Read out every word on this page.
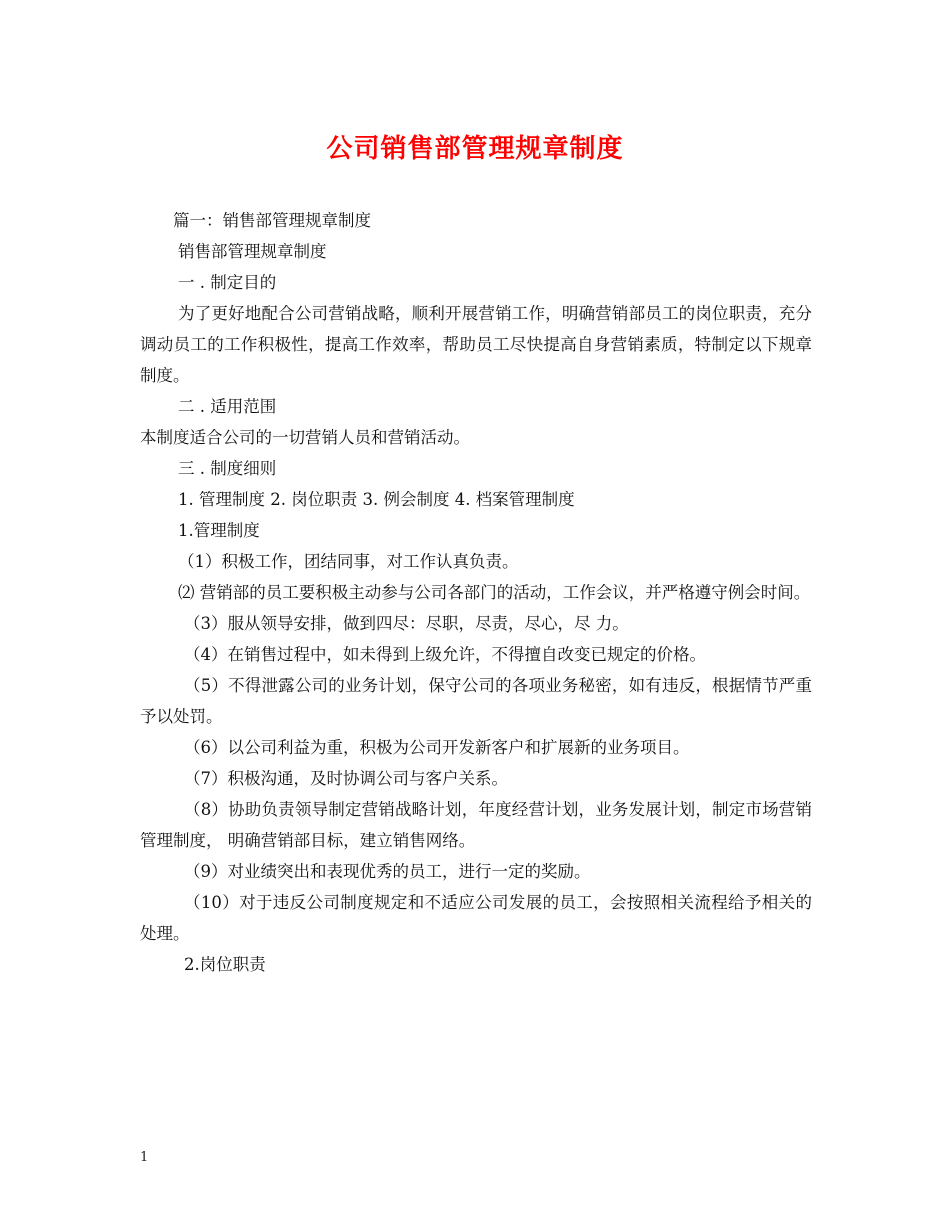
公司销售部管理规章制度

篇一：销售部管理规章制度

销售部管理规章制度

一 . 制定目的

为了更好地配合公司营销战略，顺利开展营销工作，明确营销部员工的岗位职责，充分调动员工的工作积极性，提高工作效率，帮助员工尽快提高自身营销素质，特制定以下规章制度。

二 . 适用范围

本制度适合公司的一切营销人员和营销活动。

三 . 制度细则

1. 管理制度 2. 岗位职责 3. 例会制度 4. 档案管理制度

1.管理制度

（1）积极工作，团结同事，对工作认真负责。

⑵ 营销部的员工要积极主动参与公司各部门的活动，工作会议，并严格遵守例会时间。

（3）服从领导安排，做到四尽：尽职，尽责，尽心，尽 力。

（4）在销售过程中，如未得到上级允许，不得擅自改变已规定的价格。

（5）不得泄露公司的业务计划，保守公司的各项业务秘密，如有违反，根据情节严重予以处罚。

（6）以公司利益为重，积极为公司开发新客户和扩展新的业务项目。

（7）积极沟通，及时协调公司与客户关系。

（8）协助负责领导制定营销战略计划，年度经营计划，业务发展计划，制定市场营销管理制度， 明确营销部目标，建立销售网络。

（9）对业绩突出和表现优秀的员工，进行一定的奖励。

（10）对于违反公司制度规定和不适应公司发展的员工，会按照相关流程给予相关的处理。

2.岗位职责

1
